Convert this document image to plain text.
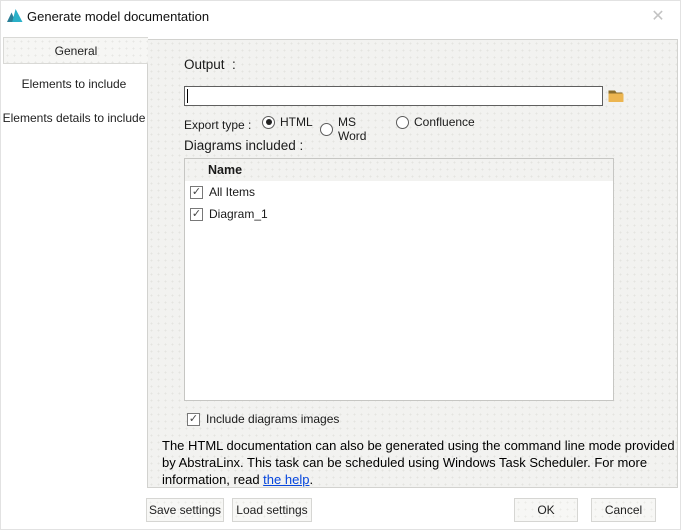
Generate model documentation	✕
General
Elements to include
Elements details to include
Output  :
Export type : HTML MS Word
Confluence
Diagrams included :
Name
✓
All Items
✓
Diagram_1
✓
Include diagrams images
The HTML documentation can also be generated using the command line mode provided by AbstraLinx. This task can be scheduled using Windows Task Scheduler. For more information, read the help.
Save settings	Load settings	OK	Cancel
